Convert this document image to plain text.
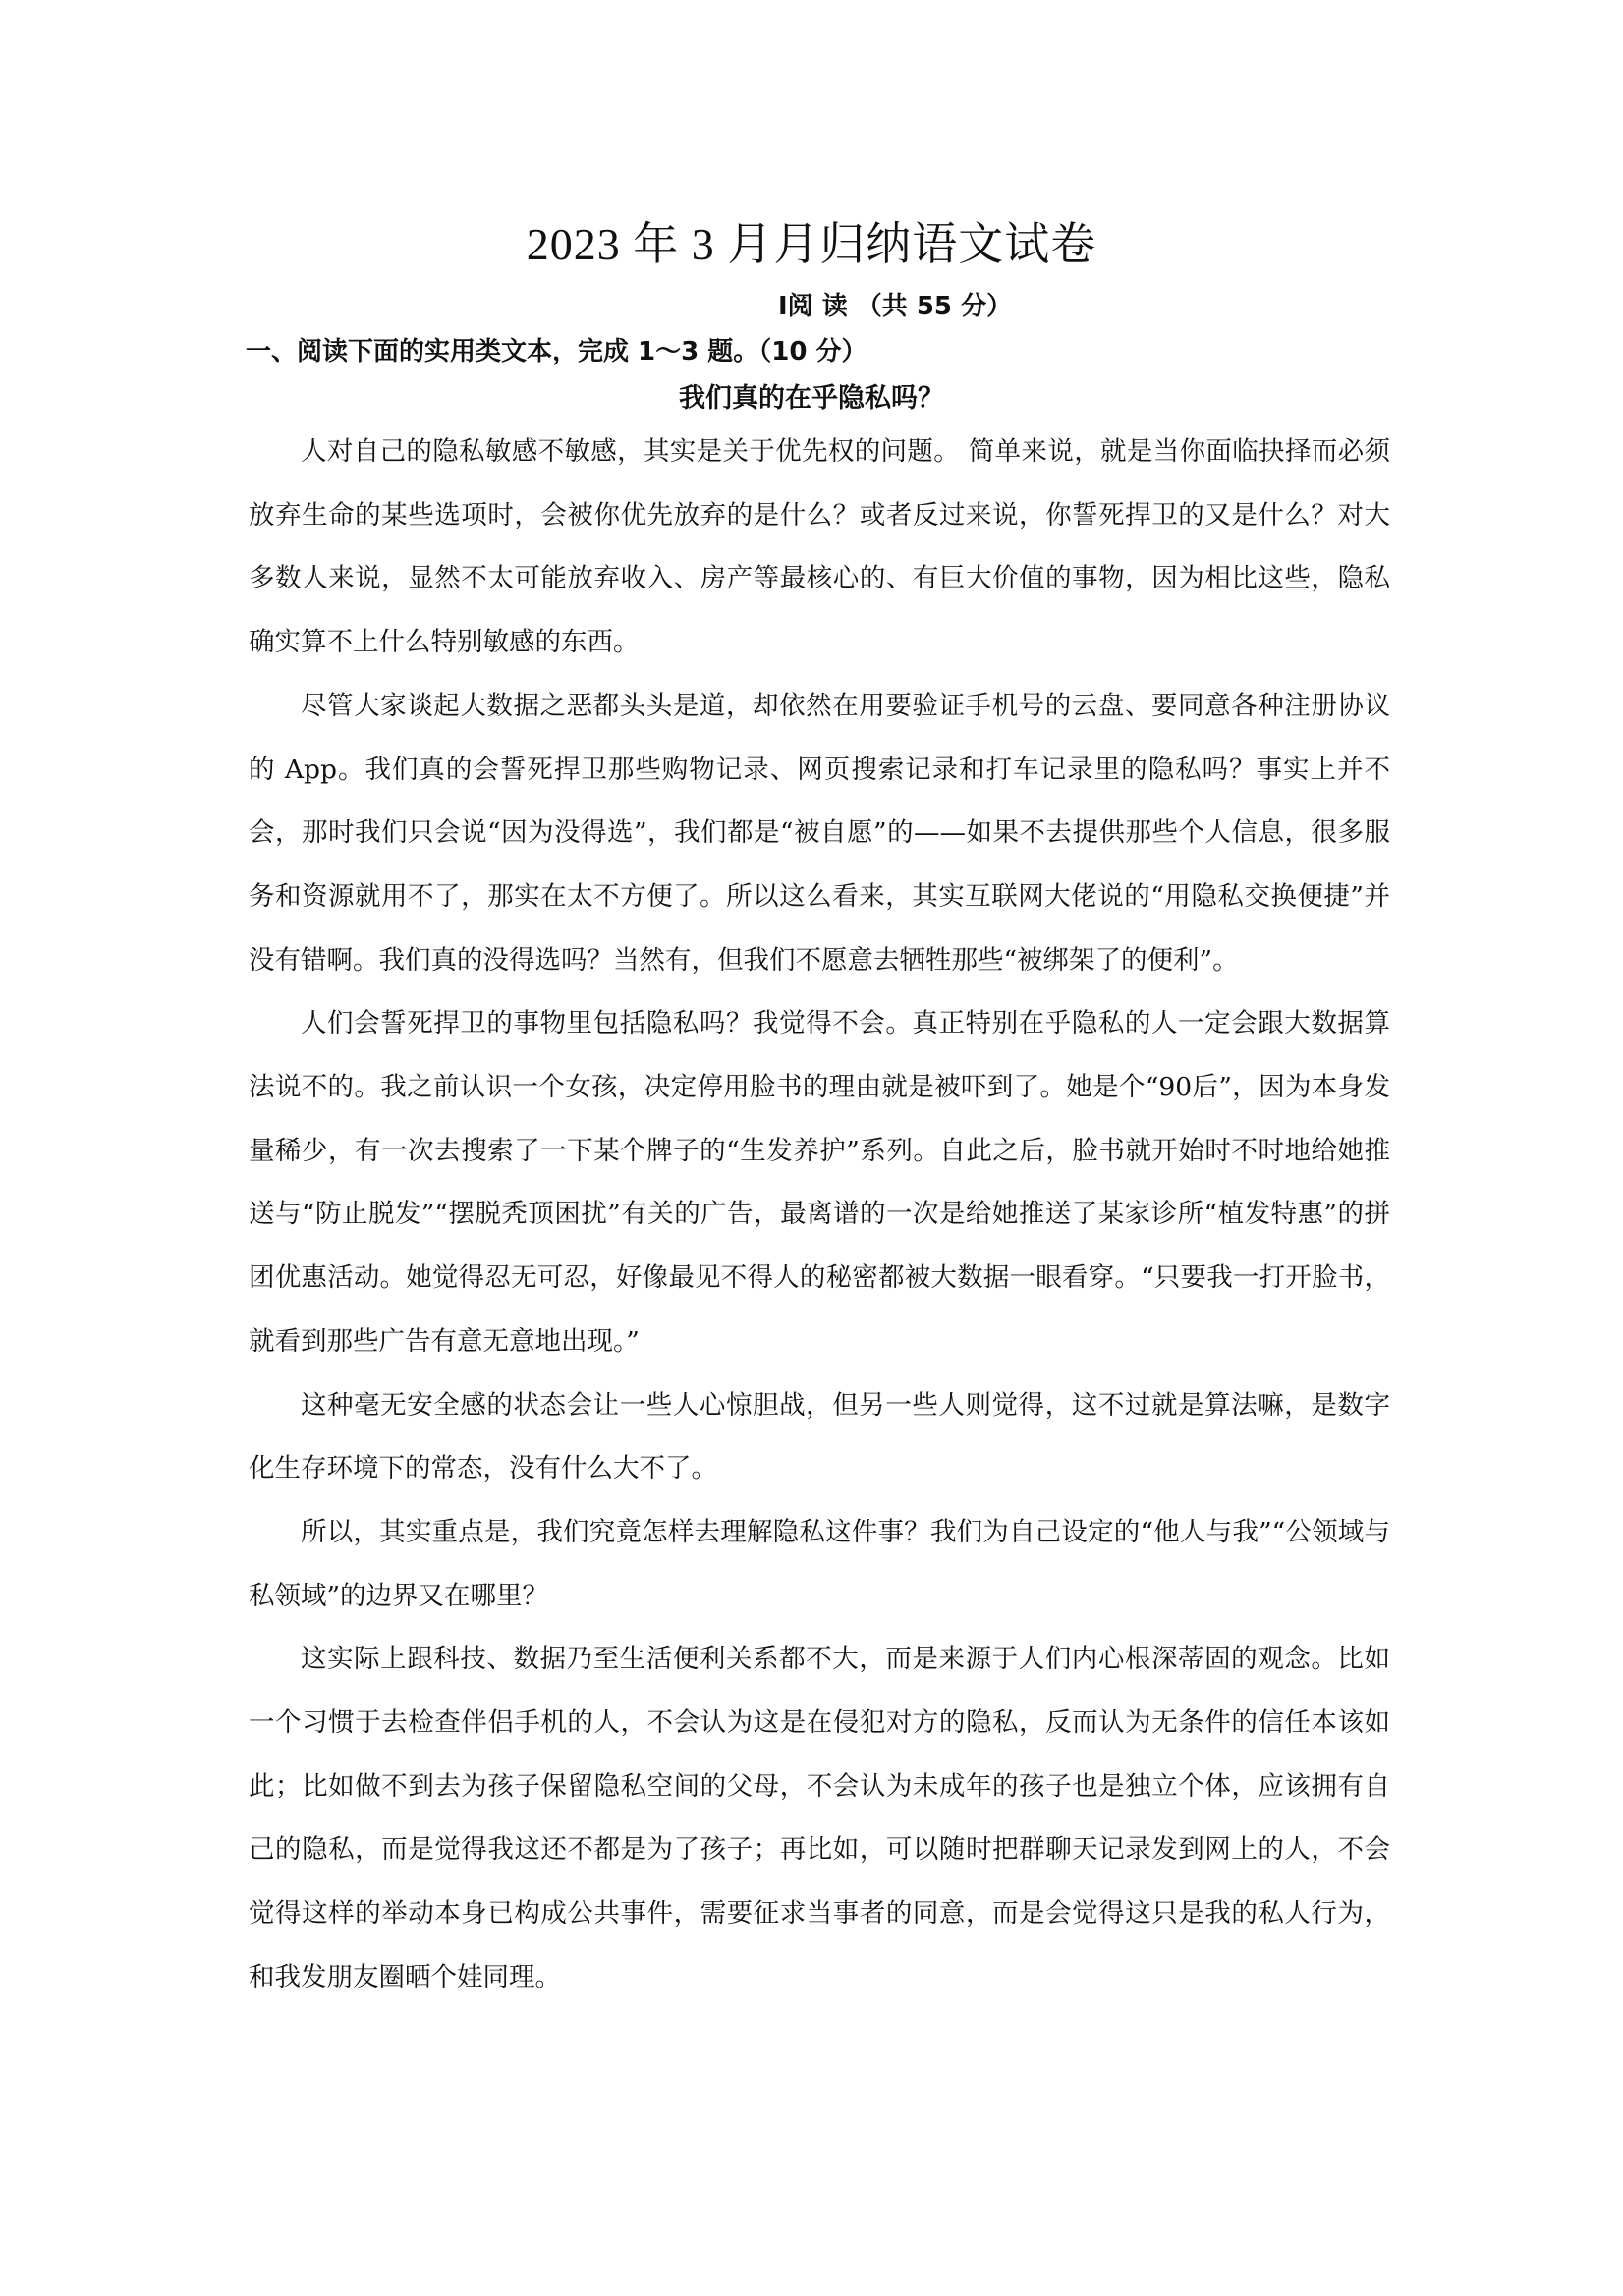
2023 年 3 月月归纳语文试卷
I阅 读 （共 55 分）
一、阅读下面的实用类文本，完成 1～3 题。（10 分）
我们真的在乎隐私吗？

人对自己的隐私敏感不敏感，其实是关于优先权的问题。 简单来说，就是当你面临抉择而必须放弃生命的某些选项时，会被你优先放弃的是什么？或者反过来说，你誓死捍卫的又是什么？对大多数人来说，显然不太可能放弃收入、房产等最核心的、有巨大价值的事物，因为相比这些，隐私确实算不上什么特别敏感的东西。

尽管大家谈起大数据之恶都头头是道，却依然在用要验证手机号的云盘、要同意各种注册协议的 App。我们真的会誓死捍卫那些购物记录、网页搜索记录和打车记录里的隐私吗？事实上并不会，那时我们只会说“因为没得选”，我们都是“被自愿”的——如果不去提供那些个人信息，很多服务和资源就用不了，那实在太不方便了。所以这么看来，其实互联网大佬说的“用隐私交换便捷”并没有错啊。我们真的没得选吗？当然有，但我们不愿意去牺牲那些“被绑架了的便利”。

人们会誓死捍卫的事物里包括隐私吗？我觉得不会。真正特别在乎隐私的人一定会跟大数据算法说不的。我之前认识一个女孩，决定停用脸书的理由就是被吓到了。她是个“90后”，因为本身发量稀少，有一次去搜索了一下某个牌子的“生发养护”系列。自此之后，脸书就开始时不时地给她推送与“防止脱发”“摆脱秃顶困扰”有关的广告，最离谱的一次是给她推送了某家诊所“植发特惠”的拼团优惠活动。她觉得忍无可忍，好像最见不得人的秘密都被大数据一眼看穿。“只要我一打开脸书，就看到那些广告有意无意地出现。”

这种毫无安全感的状态会让一些人心惊胆战，但另一些人则觉得，这不过就是算法嘛，是数字化生存环境下的常态，没有什么大不了。

所以，其实重点是，我们究竟怎样去理解隐私这件事？我们为自己设定的“他人与我”“公领域与私领域”的边界又在哪里？

这实际上跟科技、数据乃至生活便利关系都不大，而是来源于人们内心根深蒂固的观念。比如一个习惯于去检查伴侣手机的人，不会认为这是在侵犯对方的隐私，反而认为无条件的信任本该如此；比如做不到去为孩子保留隐私空间的父母，不会认为未成年的孩子也是独立个体，应该拥有自己的隐私，而是觉得我这还不都是为了孩子；再比如，可以随时把群聊天记录发到网上的人，不会觉得这样的举动本身已构成公共事件，需要征求当事者的同意，而是会觉得这只是我的私人行为，和我发朋友圈晒个娃同理。
